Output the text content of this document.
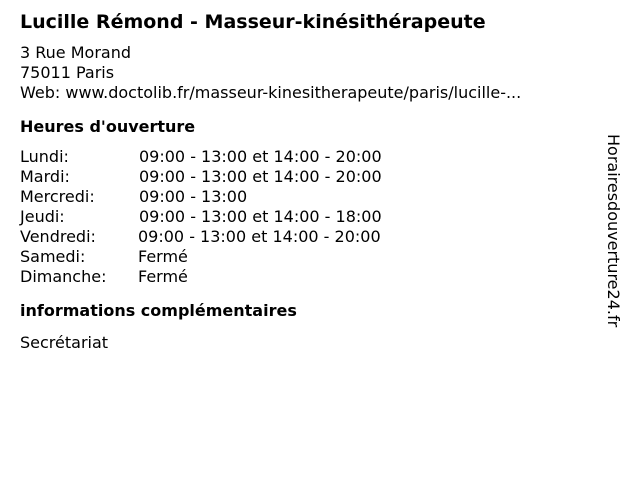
Lucille Rémond - Masseur-kinésithérapeute
3 Rue Morand
75011 Paris
Web: www.doctolib.fr/masseur-kinesitherapeute/paris/lucille-...
Heures d'ouverture
Lundi:	09:00 - 13:00 et 14:00 - 20:00
Mardi:	09:00 - 13:00 et 14:00 - 20:00
Mercredi:	09:00 - 13:00
Jeudi:	09:00 - 13:00 et 14:00 - 18:00
Vendredi:	09:00 - 13:00 et 14:00 - 20:00
Samedi:	Fermé
Dimanche:	Fermé
informations complémentaires
Secrétariat
Horairesdouverture24.fr
